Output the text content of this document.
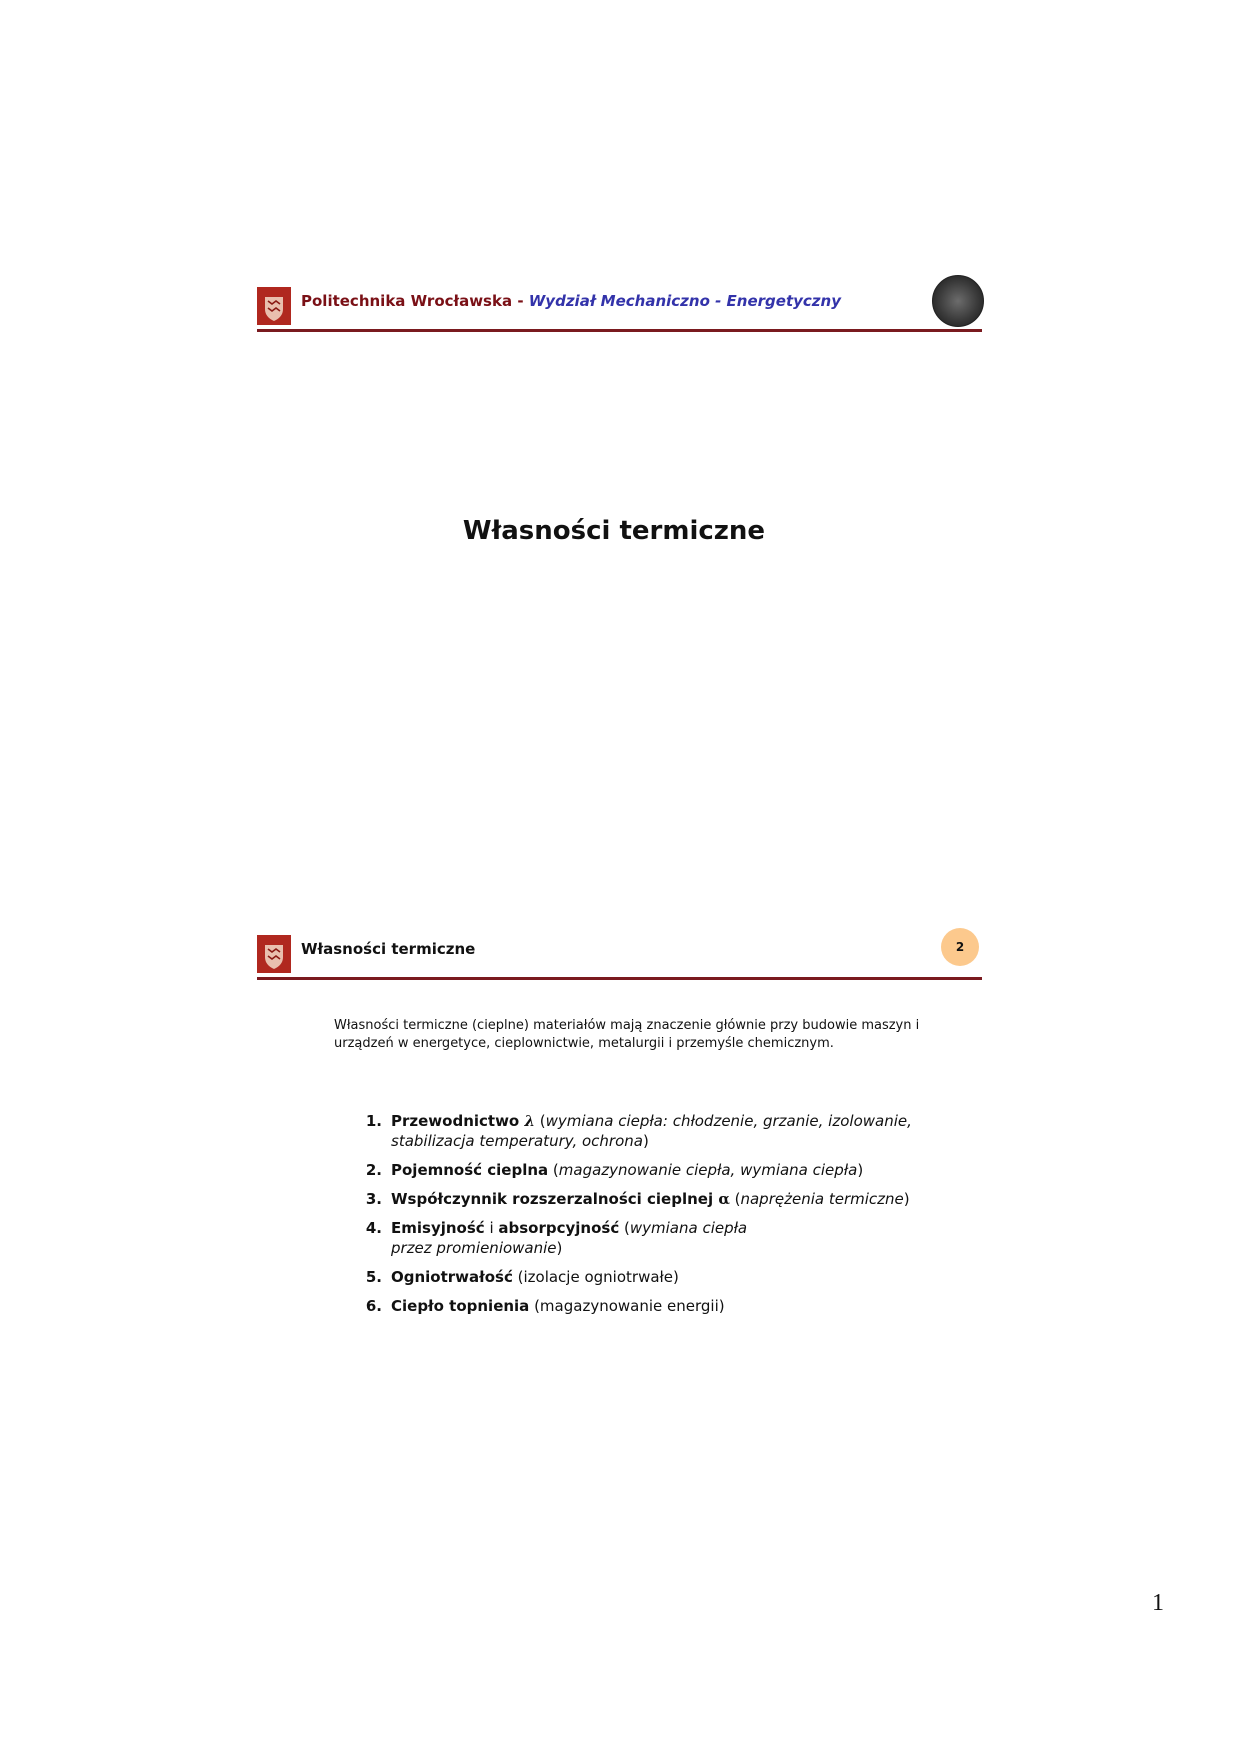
Politechnika Wrocławska - Wydział Mechaniczno - Energetyczny
Własności termiczne
Własności termiczne	2
Własności termiczne (cieplne) materiałów mają znaczenie głównie przy budowie maszyn i urządzeń w energetyce, cieplownictwie, metalurgii i przemyśle chemicznym.
1. Przewodnictwo λ (wymiana ciepła: chłodzenie, grzanie, izolowanie, stabilizacja temperatury, ochrona)
2. Pojemność cieplna (magazynowanie ciepła, wymiana ciepła)
3. Współczynnik rozszerzalności cieplnej α (naprężenia termiczne)
4. Emisyjność i absorpcyjność (wymiana ciepła przez promieniowanie)
5. Ogniotrwałość (izolacje ogniotrwałe)
6. Ciepło topnienia (magazynowanie energii)
1
